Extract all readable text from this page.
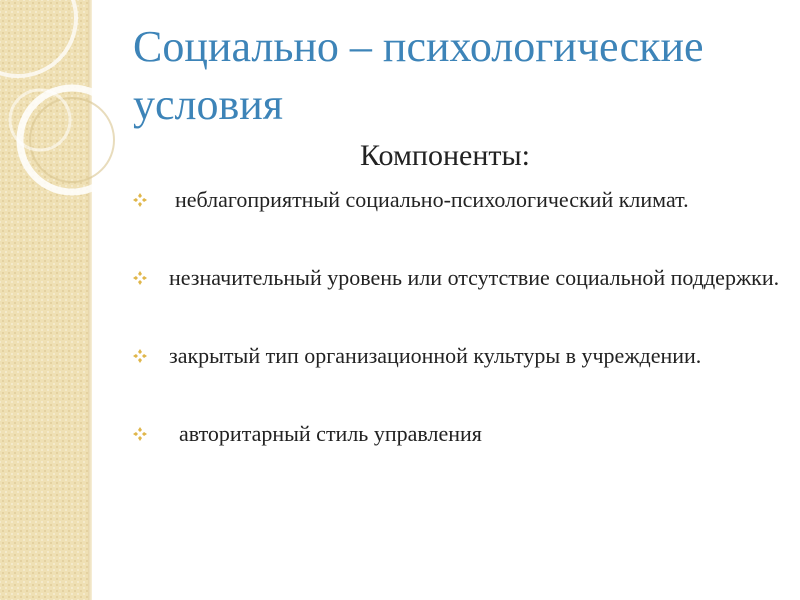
Социально – психологические условия
Компоненты:
неблагоприятный социально-психологический климат.
незначительный уровень или отсутствие социальной поддержки.
закрытый тип организационной культуры в учреждении.
авторитарный стиль управления
